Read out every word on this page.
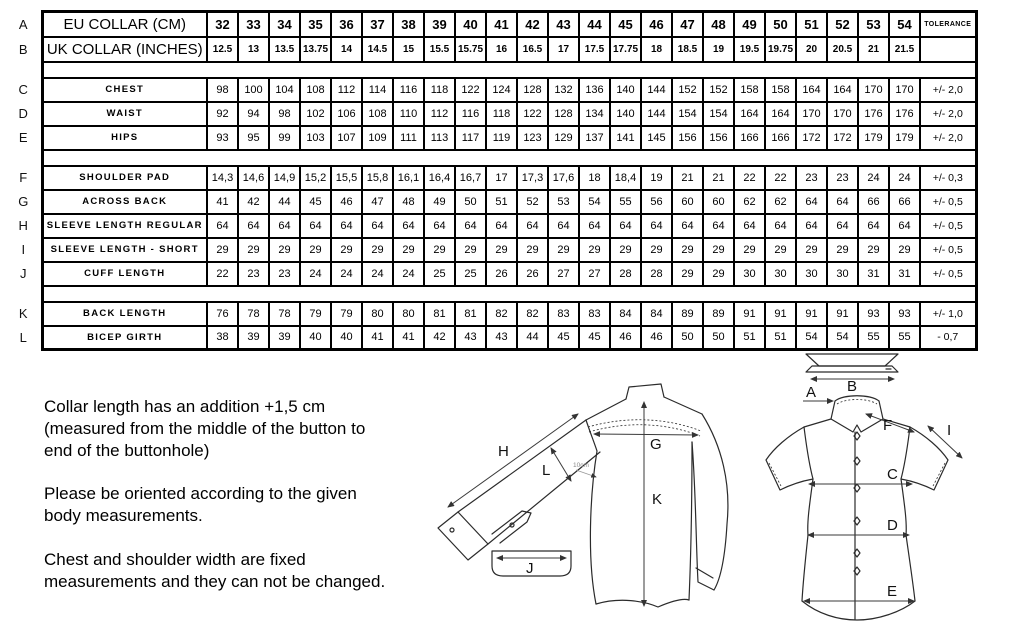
A	EU COLLAR (CM)	32	33	34	35	36	37	38	39	40	41	42	43	44	45	46	47	48	49	50	51	52	53	54	TOLERANCE
B	UK COLLAR (INCHES)	12.5	13	13.5	13.75	14	14.5	15	15.5	15.75	16	16.5	17	17.5	17.75	18	18.5	19	19.5	19.75	20	20.5	21	21.5	

C	CHEST	98	100	104	108	112	114	116	118	122	124	128	132	136	140	144	152	152	158	158	164	164	170	170	+/- 2,0
D	WAIST	92	94	98	102	106	108	110	112	116	118	122	128	134	140	144	154	154	164	164	170	170	176	176	+/- 2,0
E	HIPS	93	95	99	103	107	109	111	113	117	119	123	129	137	141	145	156	156	166	166	172	172	179	179	+/- 2,0

F	SHOULDER PAD	14,3	14,6	14,9	15,2	15,5	15,8	16,1	16,4	16,7	17	17,3	17,6	18	18,4	19	21	21	22	22	23	23	24	24	+/- 0,3
G	ACROSS BACK	41	42	44	45	46	47	48	49	50	51	52	53	54	55	56	60	60	62	62	64	64	66	66	+/- 0,5
H	SLEEVE LENGTH REGULAR	64	64	64	64	64	64	64	64	64	64	64	64	64	64	64	64	64	64	64	64	64	64	64	+/- 0,5
I	SLEEVE LENGTH - SHORT	29	29	29	29	29	29	29	29	29	29	29	29	29	29	29	29	29	29	29	29	29	29	29	+/- 0,5
J	CUFF LENGTH	22	23	23	24	24	24	24	25	25	26	26	27	27	28	28	29	29	30	30	30	30	31	31	+/- 0,5

K	BACK LENGTH	76	78	78	79	79	80	80	81	81	82	82	83	83	84	84	89	89	91	91	91	91	93	93	+/- 1,0
L	BICEP GIRTH	38	39	39	40	40	41	41	42	43	43	44	45	45	46	46	50	50	51	51	54	54	55	55	- 0,7

Collar length has an addition +1,5 cm (measured from the middle of the button to end of the buttonhole)

Please be oriented according to the given body measurements.

Chest and shoulder width are fixed measurements and they can not be changed.

H
L	10cm
G
K
J
B
A
F	I
C
D
E
